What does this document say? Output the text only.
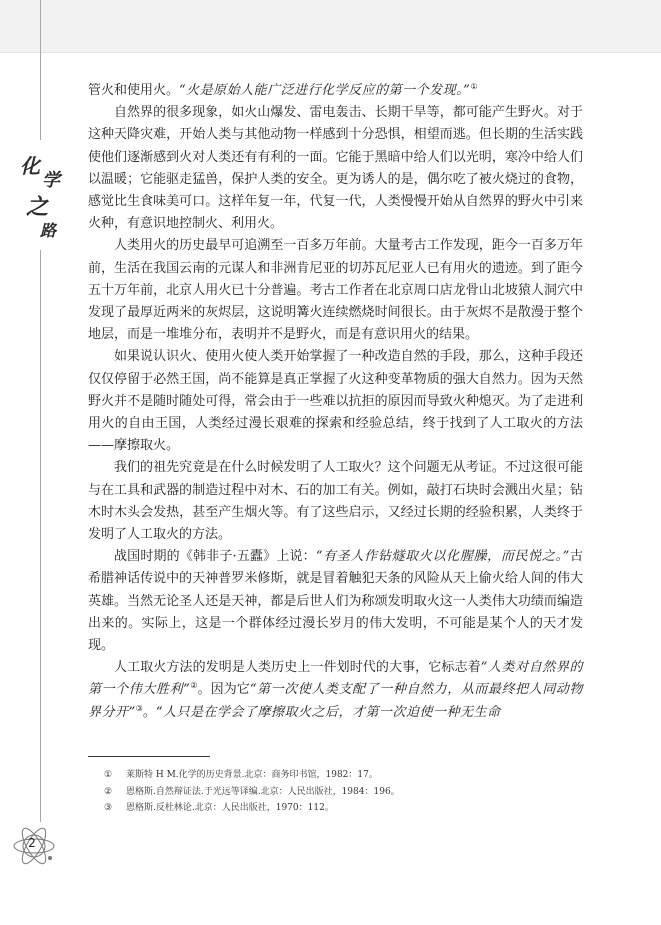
化
学
之
路

管火和使用火。“火是原始人能广泛进行化学反应的第一个发现。”①

自然界的很多现象，如火山爆发、雷电轰击、长期干旱等，都可能产生野火。对于这种天降灾难，开始人类与其他动物一样感到十分恐惧，相望而逃。但长期的生活实践使他们逐渐感到火对人类还有有利的一面。它能于黑暗中给人们以光明，寒冷中给人们以温暖；它能驱走猛兽，保护人类的安全。更为诱人的是，偶尔吃了被火烧过的食物，感觉比生食味美可口。这样年复一年，代复一代，人类慢慢开始从自然界的野火中引来火种，有意识地控制火、利用火。

人类用火的历史最早可追溯至一百多万年前。大量考古工作发现，距今一百多万年前，生活在我国云南的元谋人和非洲肯尼亚的切苏瓦尼亚人已有用火的遗迹。到了距今五十万年前，北京人用火已十分普遍。考古工作者在北京周口店龙骨山北坡猿人洞穴中发现了最厚近两米的灰烬层，这说明篝火连续燃烧时间很长。由于灰烬不是散漫于整个地层，而是一堆堆分布，表明并不是野火，而是有意识用火的结果。

如果说认识火、使用火使人类开始掌握了一种改造自然的手段，那么，这种手段还仅仅停留于必然王国，尚不能算是真正掌握了火这种变革物质的强大自然力。因为天然野火并不是随时随处可得，常会由于一些难以抗拒的原因而导致火种熄灭。为了走进利用火的自由王国，人类经过漫长艰难的探索和经验总结，终于找到了人工取火的方法——摩擦取火。

我们的祖先究竟是在什么时候发明了人工取火？这个问题无从考证。不过这很可能与在工具和武器的制造过程中对木、石的加工有关。例如，敲打石块时会溅出火星；钻木时木头会发热，甚至产生烟火等。有了这些启示，又经过长期的经验积累，人类终于发明了人工取火的方法。

战国时期的《韩非子·五蠹》上说：“有圣人作钻燧取火以化腥臊，而民悦之。”古希腊神话传说中的天神普罗米修斯，就是冒着触犯天条的风险从天上偷火给人间的伟大英雄。当然无论圣人还是天神，都是后世人们为称颂发明取火这一人类伟大功绩而编造出来的。实际上，这是一个群体经过漫长岁月的伟大发明，不可能是某个人的天才发现。

人工取火方法的发明是人类历史上一件划时代的大事，它标志着“人类对自然界的第一个伟大胜利”②。因为它“第一次使人类支配了一种自然力，从而最终把人同动物界分开”③。“人只是在学会了摩擦取火之后，才第一次迫使一种无生命

① 莱斯特 H M.化学的历史背景.北京：商务印书馆，1982：17。
② 恩格斯.自然辩证法.于光远等译编.北京：人民出版社，1984：196。
③ 恩格斯.反杜林论.北京：人民出版社，1970：112。
2
